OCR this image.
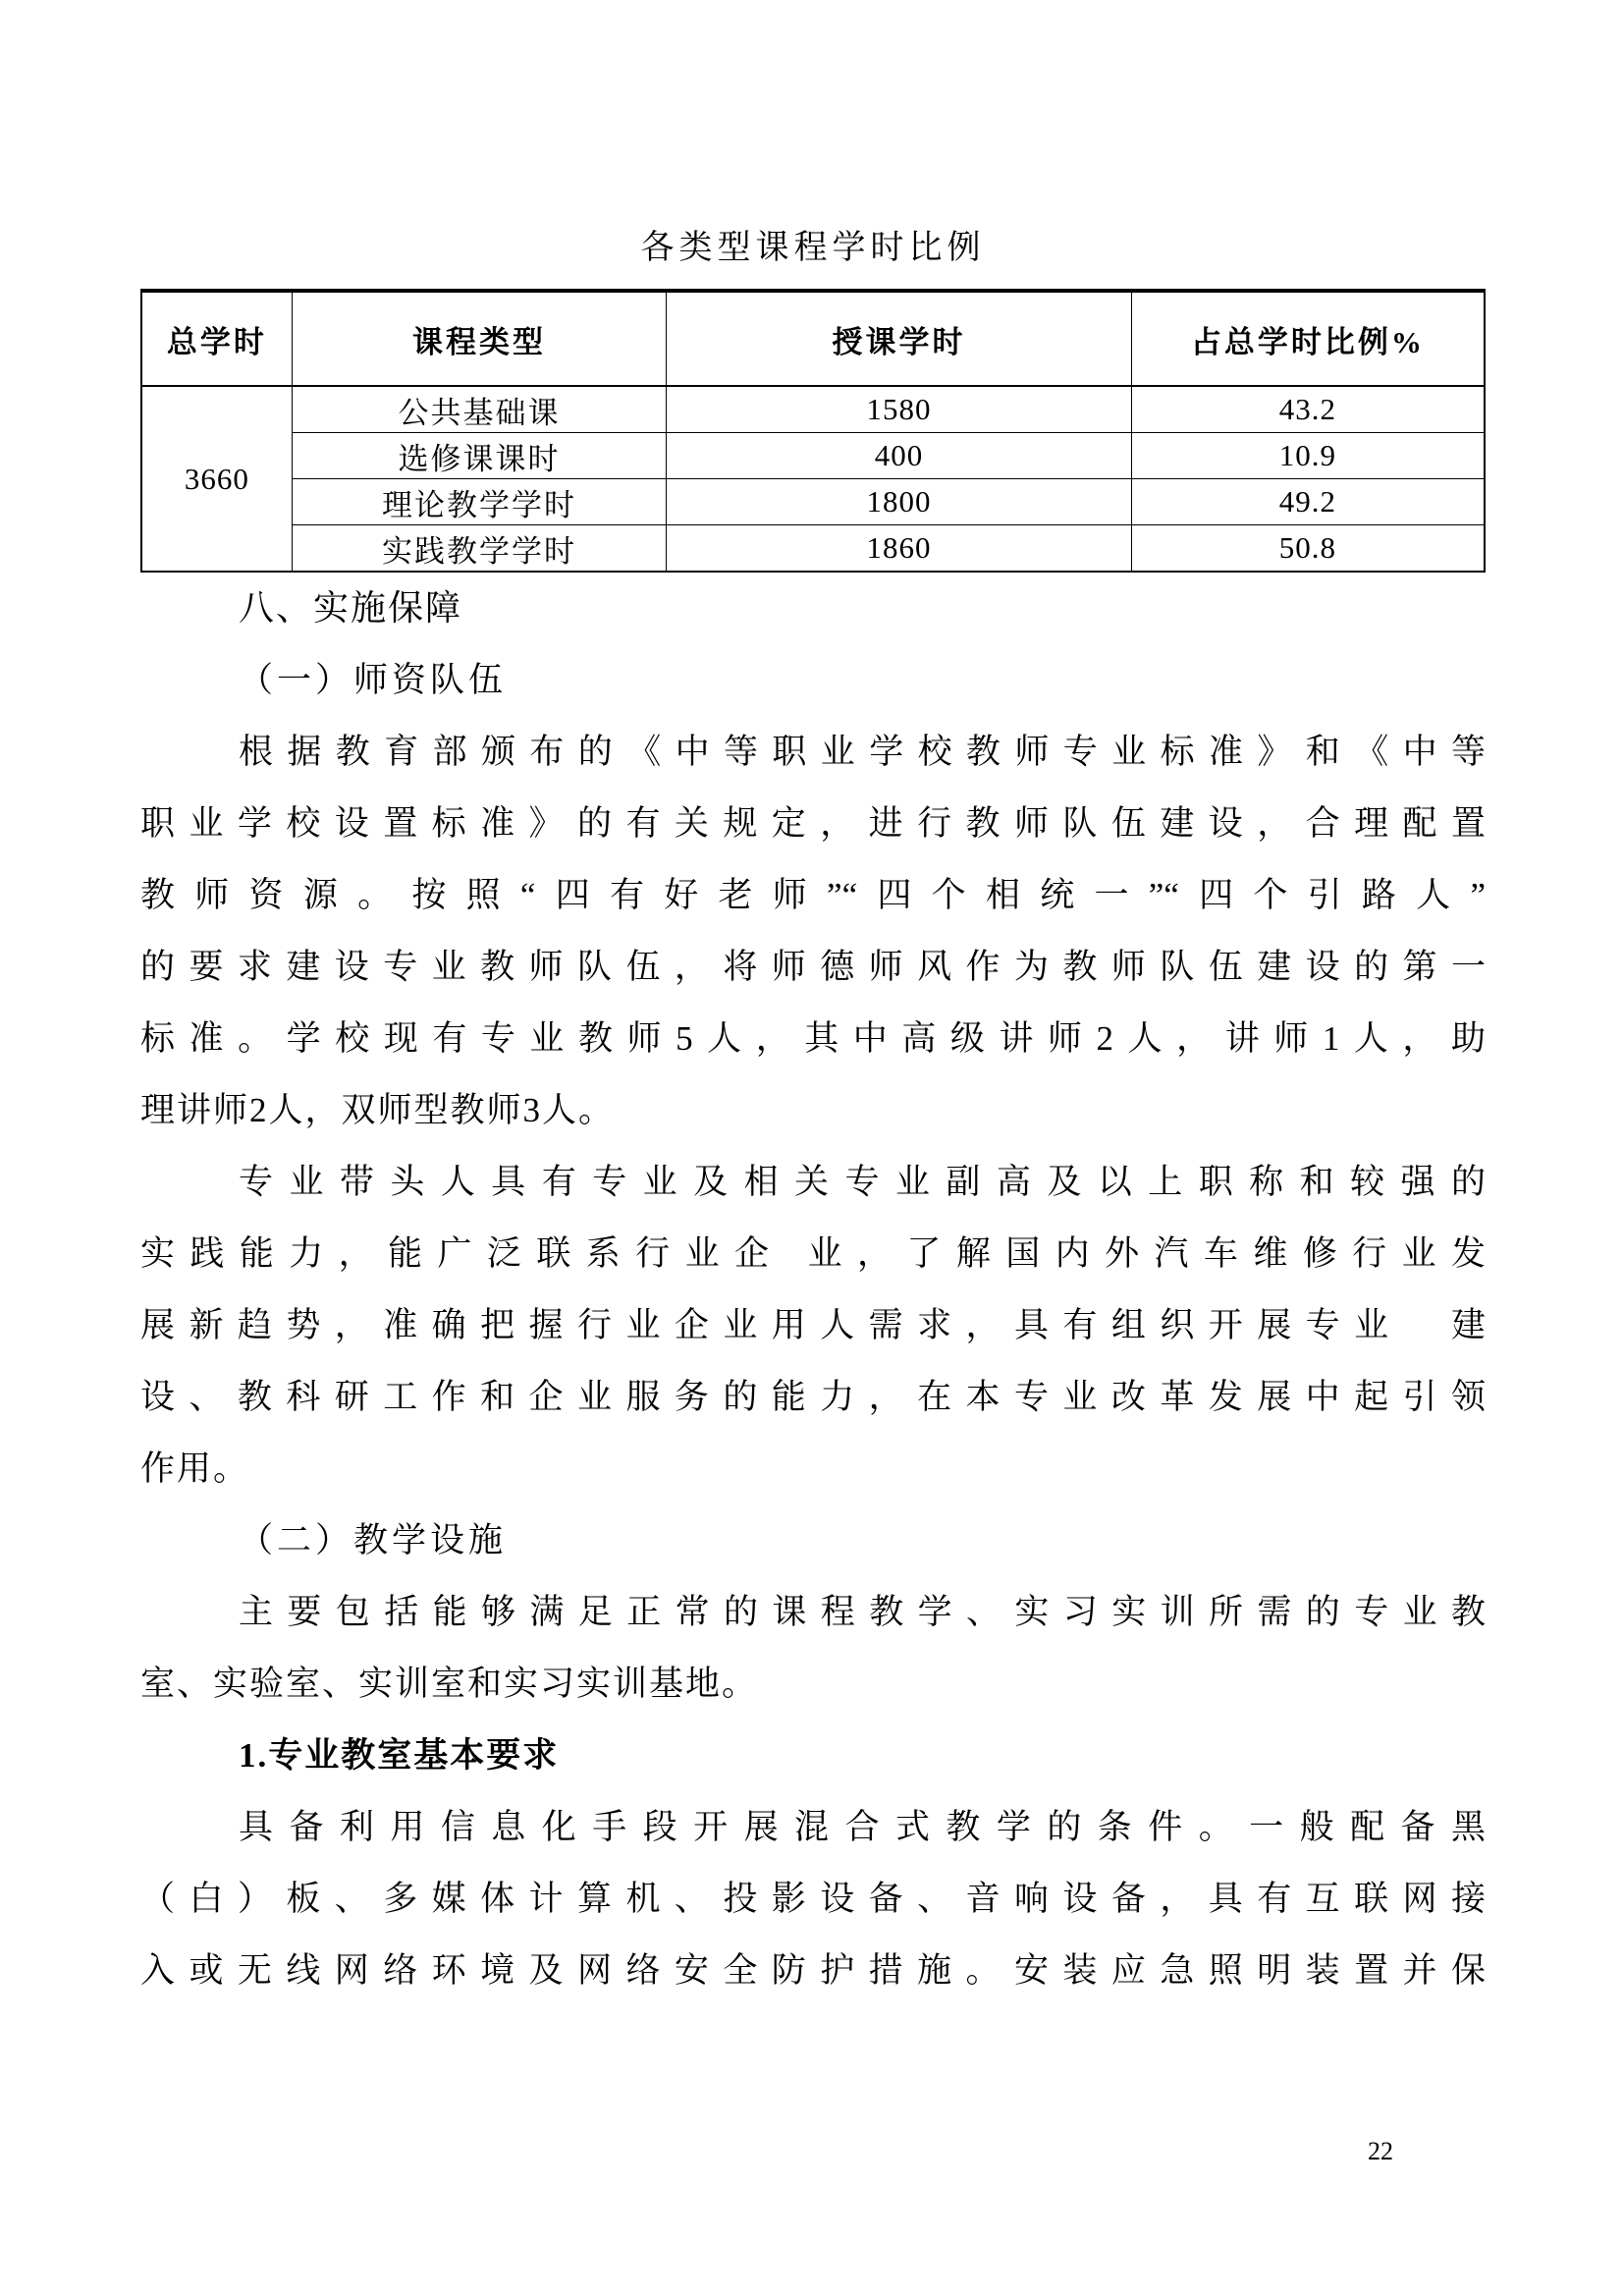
各类型课程学时比例
总学时	课程类型	授课学时	占总学时比例%
3660	公共基础课	1580	43.2
	选修课课时	400	10.9
	理论教学学时	1800	49.2
	实践教学学时	1860	50.8
八、实施保障
（一）师资队伍
根据教育部颁布的《中等职业学校教师专业标准》和《中等
职业学校设置标准》的有关规定，进行教师队伍建设，合理配置
教师资源。按照“四有好老师”“四个相统一”“四个引路人”
的要求建设专业教师队伍，将师德师风作为教师队伍建设的第一
标准。学校现有专业教师5人，其中高级讲师2人，讲师1人，助
理讲师2人，双师型教师3人。
专业带头人具有专业及相关专业副高及以上职称和较强的
实践能力，能广泛联系行业企 业，了解国内外汽车维修行业发
展新趋势，准确把握行业企业用人需求，具有组织开展专业　建
设、教科研工作和企业服务的能力，在本专业改革发展中起引领
作用。
（二）教学设施
主要包括能够满足正常的课程教学、实习实训所需的专业教
室、实验室、实训室和实习实训基地。
1.专业教室基本要求
具备利用信息化手段开展混合式教学的条件。一般配备黑
（白）板、多媒体计算机、投影设备、音响设备，具有互联网接
入或无线网络环境及网络安全防护措施。安装应急照明装置并保
22
